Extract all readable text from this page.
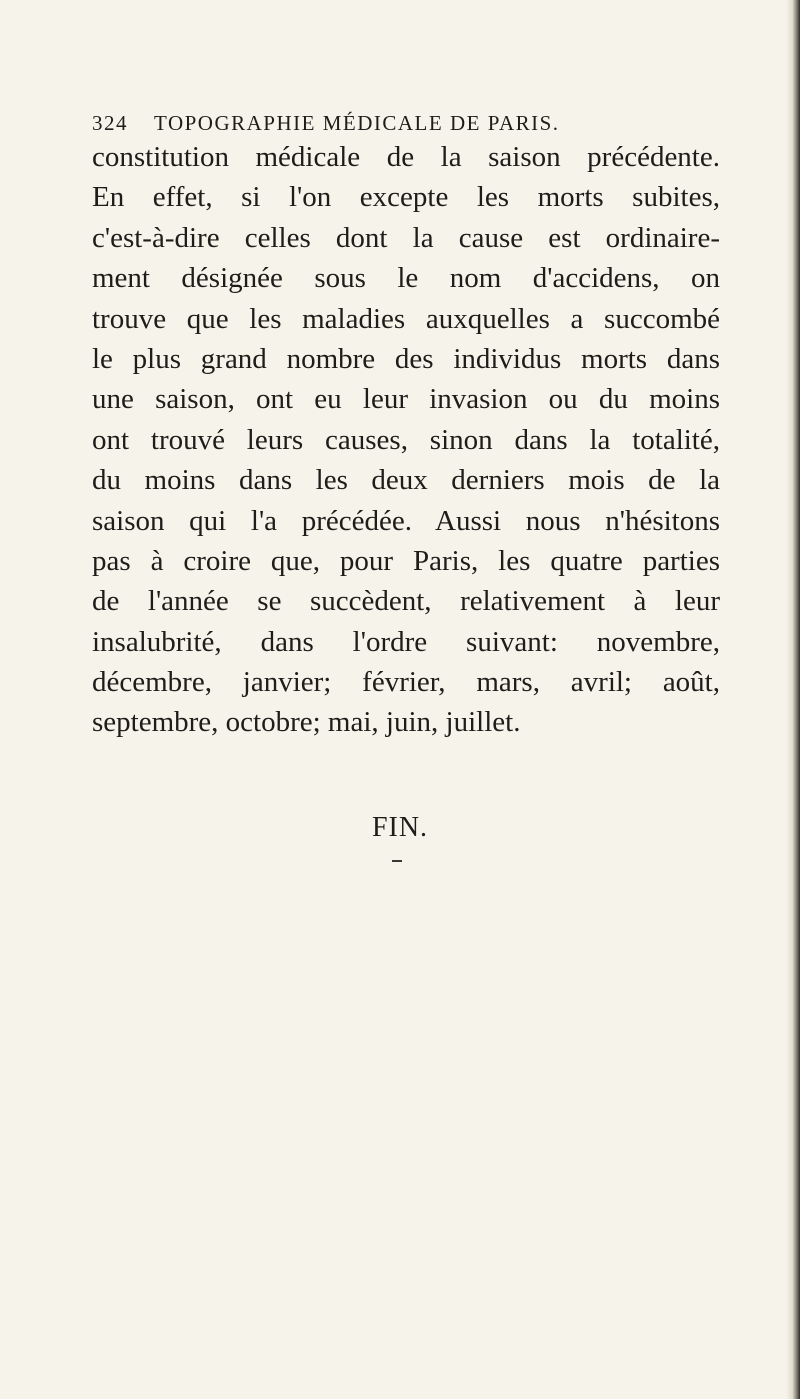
324	TOPOGRAPHIE MÉDICALE DE PARIS.
constitution médicale de la saison précédente.
En effet, si l'on excepte les morts subites,
c'est-à-dire celles dont la cause est ordinaire-
ment désignée sous le nom d'accidens, on
trouve que les maladies auxquelles a succombé
le plus grand nombre des individus morts dans
une saison, ont eu leur invasion ou du moins
ont trouvé leurs causes, sinon dans la totalité,
du moins dans les deux derniers mois de la
saison qui l'a précédée. Aussi nous n'hésitons
pas à croire que, pour Paris, les quatre parties
de l'année se succèdent, relativement à leur
insalubrité, dans l'ordre suivant: novembre,
décembre, janvier; février, mars, avril; août,
septembre, octobre; mai, juin, juillet.
FIN.
